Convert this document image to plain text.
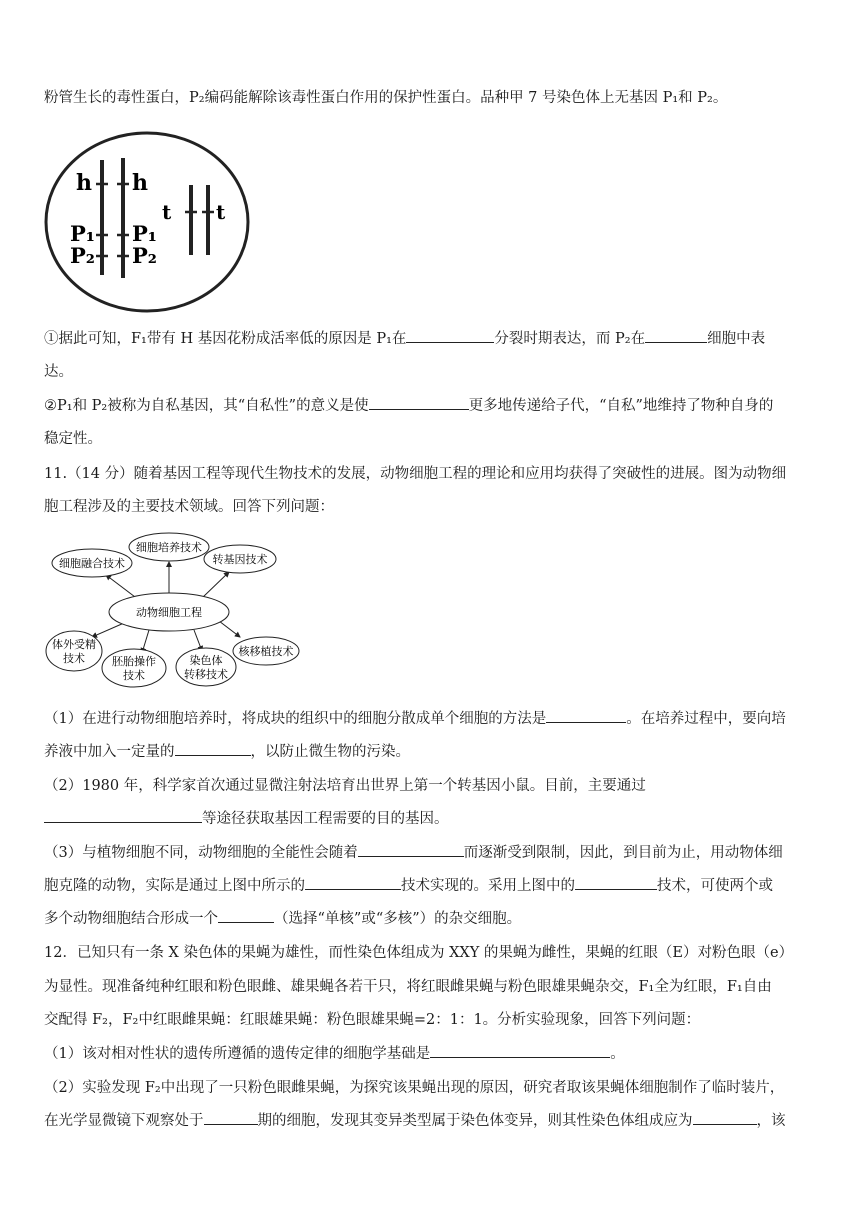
粉管生长的毒性蛋白，P₂编码能解除该毒性蛋白作用的保护性蛋白。品种甲 7 号染色体上无基因 P₁和 P₂。
h h
t t
P₁ P₁
P₂ P₂
①据此可知，F₁带有 H 基因花粉成活率低的原因是 P₁在	分裂时期表达，而 P₂在	细胞中表
达。
②P₁和 P₂被称为自私基因，其“自私性”的意义是使	更多地传递给子代，“自私”地维持了物种自身的
稳定性。
11.（14 分）随着基因工程等现代生物技术的发展，动物细胞工程的理论和应用均获得了突破性的进展。图为动物细
胞工程涉及的主要技术领域。回答下列问题：
动物细胞工程
细胞培养技术
细胞融合技术	转基因技术
体外受精
技术 胚胎操作
技术
染色体
转移技术
核移植技术
（1）在进行动物细胞培养时，将成块的组织中的细胞分散成单个细胞的方法是	。在培养过程中，要向培
养液中加入一定量的	，以防止微生物的污染。
（2）1980 年，科学家首次通过显微注射法培育出世界上第一个转基因小鼠。目前，主要通过
等途径获取基因工程需要的目的基因。
（3）与植物细胞不同，动物细胞的全能性会随着	而逐渐受到限制，因此，到目前为止，用动物体细
胞克隆的动物，实际是通过上图中所示的	技术实现的。采用上图中的	技术，可使两个或
多个动物细胞结合形成一个	（选择“单核”或“多核”）的杂交细胞。
12．已知只有一条 X 染色体的果蝇为雄性，而性染色体组成为 XXY 的果蝇为雌性，果蝇的红眼（E）对粉色眼（e）
为显性。现准备纯种红眼和粉色眼雌、雄果蝇各若干只，将红眼雌果蝇与粉色眼雄果蝇杂交，F₁全为红眼，F₁自由
交配得 F₂，F₂中红眼雌果蝇：红眼雄果蝇：粉色眼雄果蝇=2：1：1。分析实验现象，回答下列问题：
（1）该对相对性状的遗传所遵循的遗传定律的细胞学基础是	。
（2）实验发现 F₂中出现了一只粉色眼雌果蝇，为探究该果蝇出现的原因，研究者取该果蝇体细胞制作了临时装片，
在光学显微镜下观察处于	期的细胞，发现其变异类型属于染色体变异，则其性染色体组成应为	，该
